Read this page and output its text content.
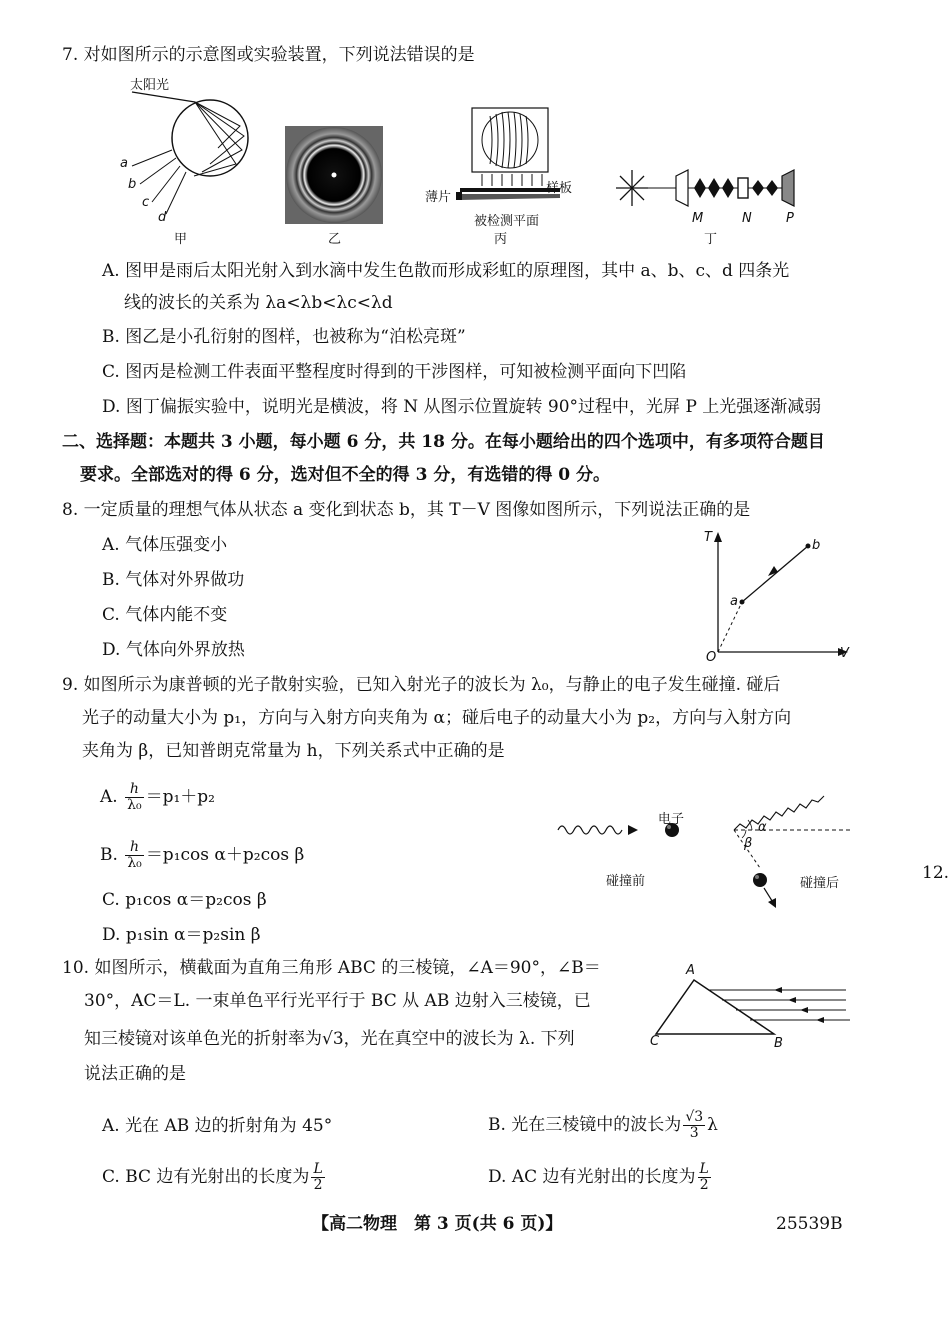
7. 对如图所示的示意图或实验装置，下列说法错误的是
太阳光
a
b
c
d
甲	乙
薄片
样板
被检测平面
丙
M	N	P
丁
A. 图甲是雨后太阳光射入到水滴中发生色散而形成彩虹的原理图，其中 a、b、c、d 四条光
线的波长的关系为 λa<λb<λc<λd
B. 图乙是小孔衍射的图样，也被称为“泊松亮斑”
C. 图丙是检测工件表面平整程度时得到的干涉图样，可知被检测平面向下凹陷
D. 图丁偏振实验中，说明光是横波，将 N 从图示位置旋转 90°过程中，光屏 P 上光强逐渐减弱
二、选择题：本题共 3 小题，每小题 6 分，共 18 分。在每小题给出的四个选项中，有多项符合题目
要求。全部选对的得 6 分，选对但不全的得 3 分，有选错的得 0 分。
8. 一定质量的理想气体从状态 a 变化到状态 b，其 T－V 图像如图所示，下列说法正确的是
A. 气体压强变小
B. 气体对外界做功
C. 气体内能不变
D. 气体向外界放热
T
V
O
a
b
9. 如图所示为康普顿的光子散射实验，已知入射光子的波长为 λ₀，与静止的电子发生碰撞. 碰后
光子的动量大小为 p₁，方向与入射方向夹角为 α；碰后电子的动量大小为 p₂，方向与入射方向
夹角为 β，已知普朗克常量为 h，下列关系式中正确的是
A. $\frac{h}{\text{λ₀}} =p_1+p_2$
B. $\frac{h}{\text{λ₀}} =p_1\cos$ α＋p₂cos β
C. p₁cos α＝p₂cos β
D. p₁sin α＝p₂sin β
电子
碰撞前	碰撞后
α
β
12.
10. 如图所示，横截面为直角三角形 ABC 的三棱镜，∠A＝90°，∠B＝
30°，AC＝L. 一束单色平行光平行于 BC 从 AB 边射入三棱镜，已
知三棱镜对该单色光的折射率为√3，光在真空中的波长为 λ. 下列
说法正确的是
A
C	B
A. 光在 AB 边的折射角为 45°	B. 光在三棱镜中的波长为 $\frac{√3}{3}$ λ
C. BC 边有光射出的长度为 $\frac{L}{2}$	D. AC 边有光射出的长度为 $\frac{L}{2}$
【高二物理　第 3 页(共 6 页)】	25539B
